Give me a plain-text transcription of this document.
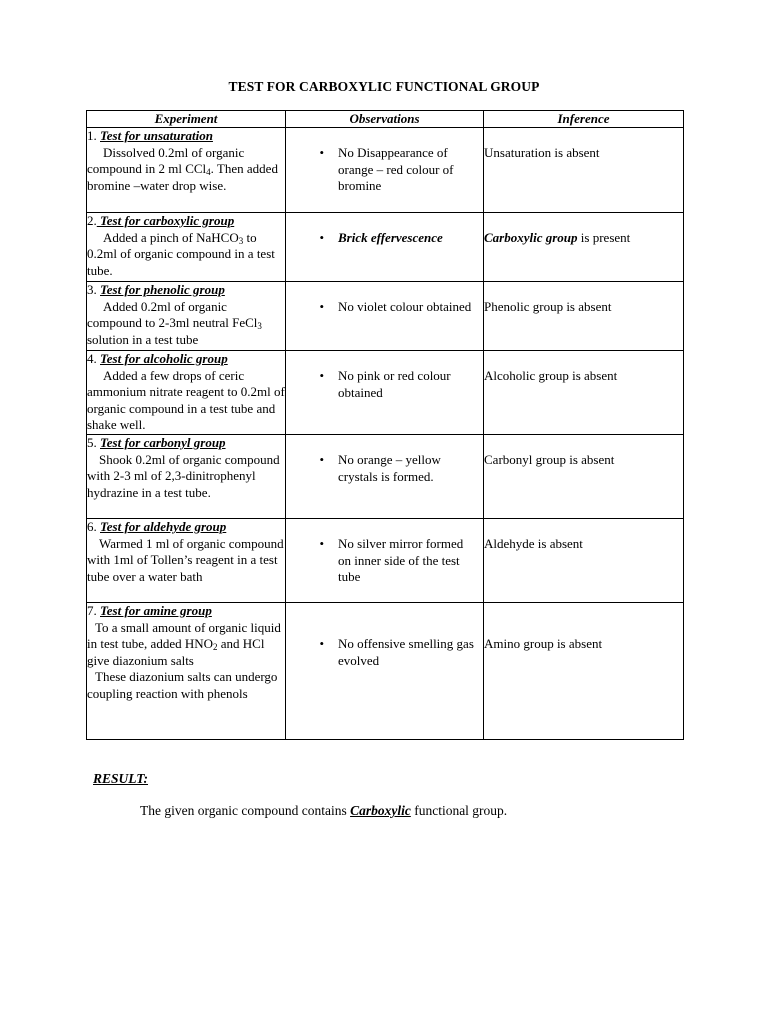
TEST FOR CARBOXYLIC FUNCTIONAL GROUP
Experiment	Observations	Inference
1. Test for unsaturation
Dissolved 0.2ml of organic compound in 2 ml CCl$_4$. Then added bromine –water drop wise.	• No Disappearance of orange – red colour of bromine	Unsaturation is absent

2. Test for carboxylic group
Added a pinch of NaHCO$_3$ to 0.2ml of organic compound in a test tube.	• Brick effervescence	Carboxylic group is present

3. Test for phenolic group
Added 0.2ml of organic compound to 2-3ml neutral FeCl$_3$ solution in a test tube	• No violet colour obtained	Phenolic group is absent

4. Test for alcoholic group
Added a few drops of ceric ammonium nitrate reagent to 0.2ml of organic compound in a test tube and shake well.	• No pink or red colour obtained	Alcoholic group is absent

5. Test for carbonyl group
Shook 0.2ml of organic compound with 2-3 ml of 2,3-dinitrophenyl hydrazine in a test tube.	• No orange – yellow crystals is formed.	Carbonyl group is absent

6. Test for aldehyde group
Warmed 1 ml of organic compound with 1ml of Tollen’s reagent in a test tube over a water bath	• No silver mirror formed on inner side of the test tube	Aldehyde is absent

7. Test for amine group
To a small amount of organic liquid in test tube, added $HNO_2$ and HCl give diazonium salts
These diazonium salts can undergo coupling reaction with phenols	• No offensive smelling gas evolved	Amino group is absent
RESULT:
The given organic compound contains Carboxylic functional group.
